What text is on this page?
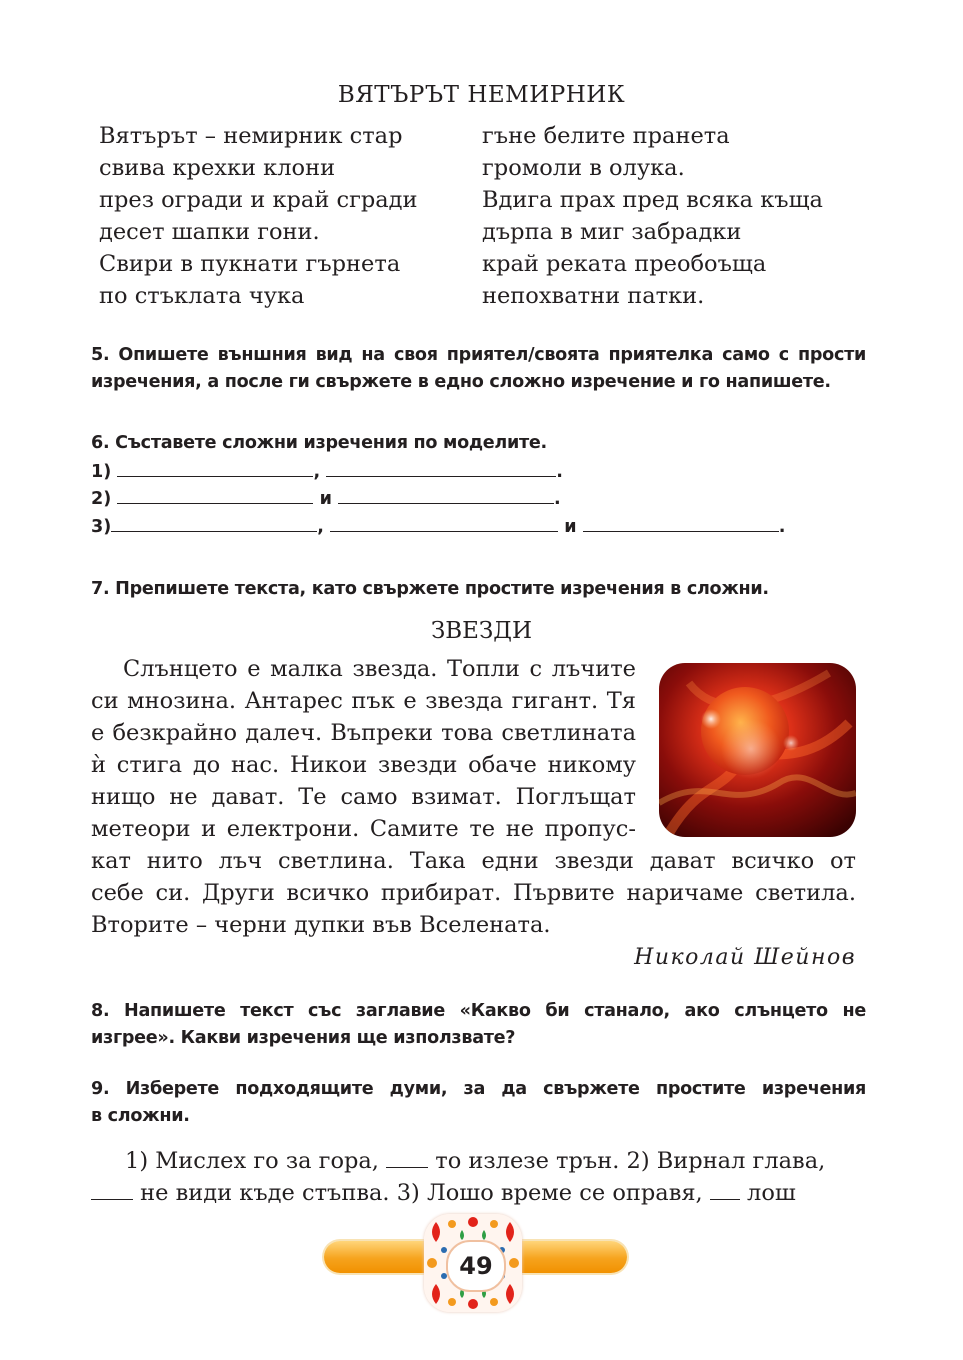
ВЯТЪРЪТ НЕМИРНИК
Вятърът – немирник стар
свива крехки клони
през огради и край сгради
десет шапки гони.
Свири в пукнати гърнета
по стъклата чука
гъне белите пранета
громоли в олука.
Вдига прах пред всяка къща
дърпа в миг забрадки
край реката преобоъща
непохватни патки.
5. Опишете външния вид на своя приятел/своята приятелка само с прости
изречения, а после ги свържете в едно сложно изречение и го напишете.
6. Съставете сложни изречения по моделите.
1)	,	.
2)	и	.
3)	,	и	.
7. Препишете текста, като свържете простите изречения в сложни.
ЗВЕЗДИ
Слънцето е малка звезда. Топли с лъчите
си мнозина. Антарес пък е звезда гигант. Тя
е безкрайно далеч. Въпреки това светлината
ѝ стига до нас. Никои звезди обаче никому
нищо не дават. Те само взимат. Поглъщат
метеори и електрони. Самите те не пропус-
кат нито лъч светлина. Така едни звезди дават всичко от
себе си. Други всичко прибират. Първите наричаме светила.
Вторите – черни дупки във Вселената.
Николай Шейнов
8. Напишете текст със заглавие «Какво би станало, ако слънцето не
изгрее». Какви изречения ще използвате?
9. Изберете подходящите думи, за да свържете простите изречения
в сложни.
1) Мислех го за гора,	то излезе трън. 2) Вирнал глава,
не види къде стъпва. 3) Лошо време се оправя, лош
49
